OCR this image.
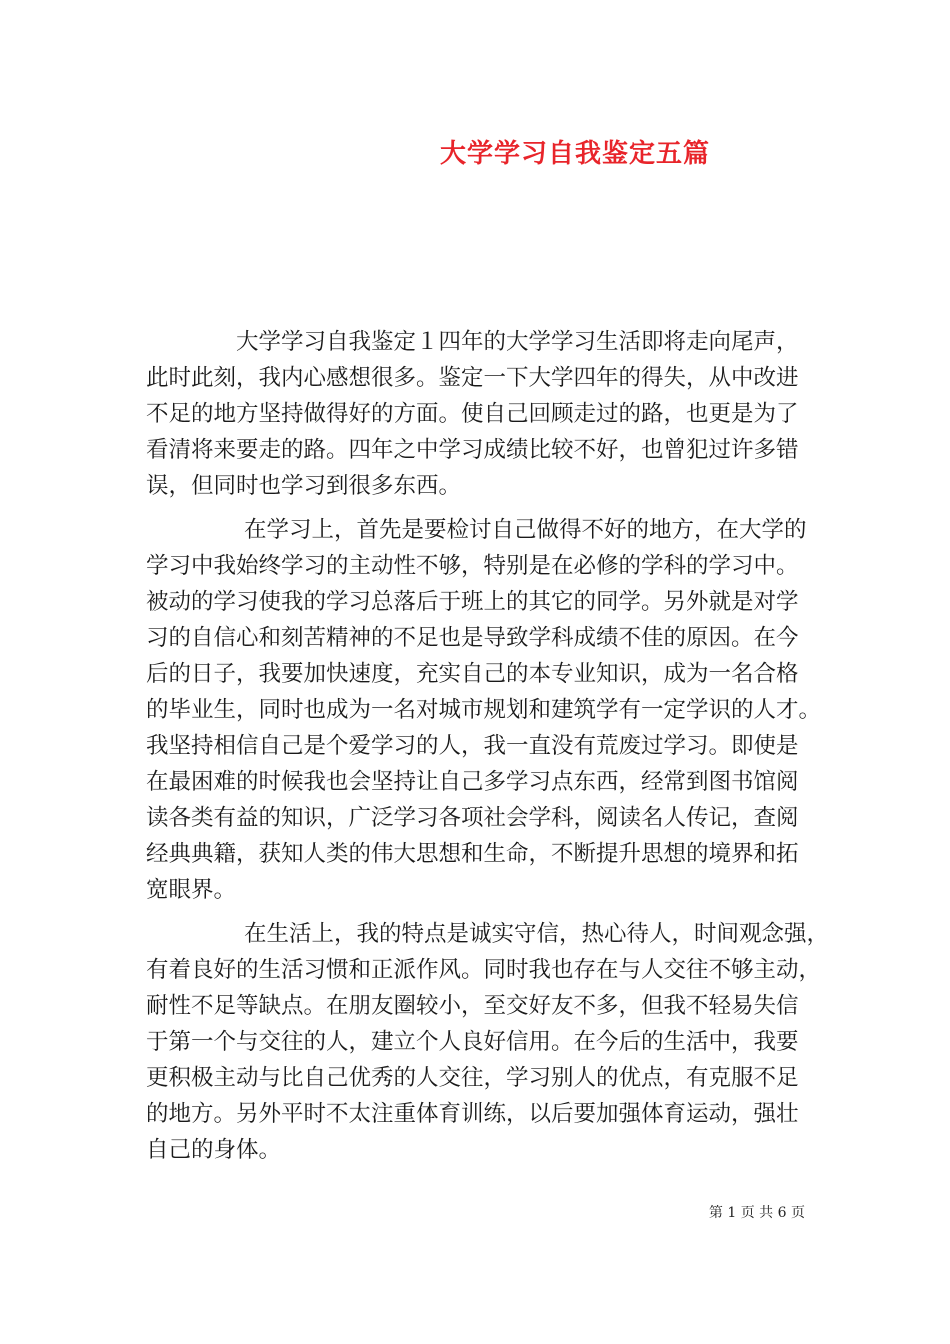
大学学习自我鉴定五篇
大学学习自我鉴定１四年的大学学习生活即将走向尾声，
此时此刻，我内心感想很多。鉴定一下大学四年的得失，从中改进
不足的地方坚持做得好的方面。使自己回顾走过的路，也更是为了
看清将来要走的路。四年之中学习成绩比较不好，也曾犯过许多错
误，但同时也学习到很多东西。
在学习上，首先是要检讨自己做得不好的地方，在大学的
学习中我始终学习的主动性不够，特别是在必修的学科的学习中。
被动的学习使我的学习总落后于班上的其它的同学。另外就是对学
习的自信心和刻苦精神的不足也是导致学科成绩不佳的原因。在今
后的日子，我要加快速度，充实自己的本专业知识，成为一名合格
的毕业生，同时也成为一名对城市规划和建筑学有一定学识的人才。
我坚持相信自己是个爱学习的人，我一直没有荒废过学习。即使是
在最困难的时候我也会坚持让自己多学习点东西，经常到图书馆阅
读各类有益的知识，广泛学习各项社会学科，阅读名人传记，查阅
经典典籍，获知人类的伟大思想和生命，不断提升思想的境界和拓
宽眼界。
在生活上，我的特点是诚实守信，热心待人，时间观念强，
有着良好的生活习惯和正派作风。同时我也存在与人交往不够主动，
耐性不足等缺点。在朋友圈较小，至交好友不多，但我不轻易失信
于第一个与交往的人，建立个人良好信用。在今后的生活中，我要
更积极主动与比自己优秀的人交往，学习别人的优点，有克服不足
的地方。另外平时不太注重体育训练，以后要加强体育运动，强壮
自己的身体。
第 1 页 共 6 页
